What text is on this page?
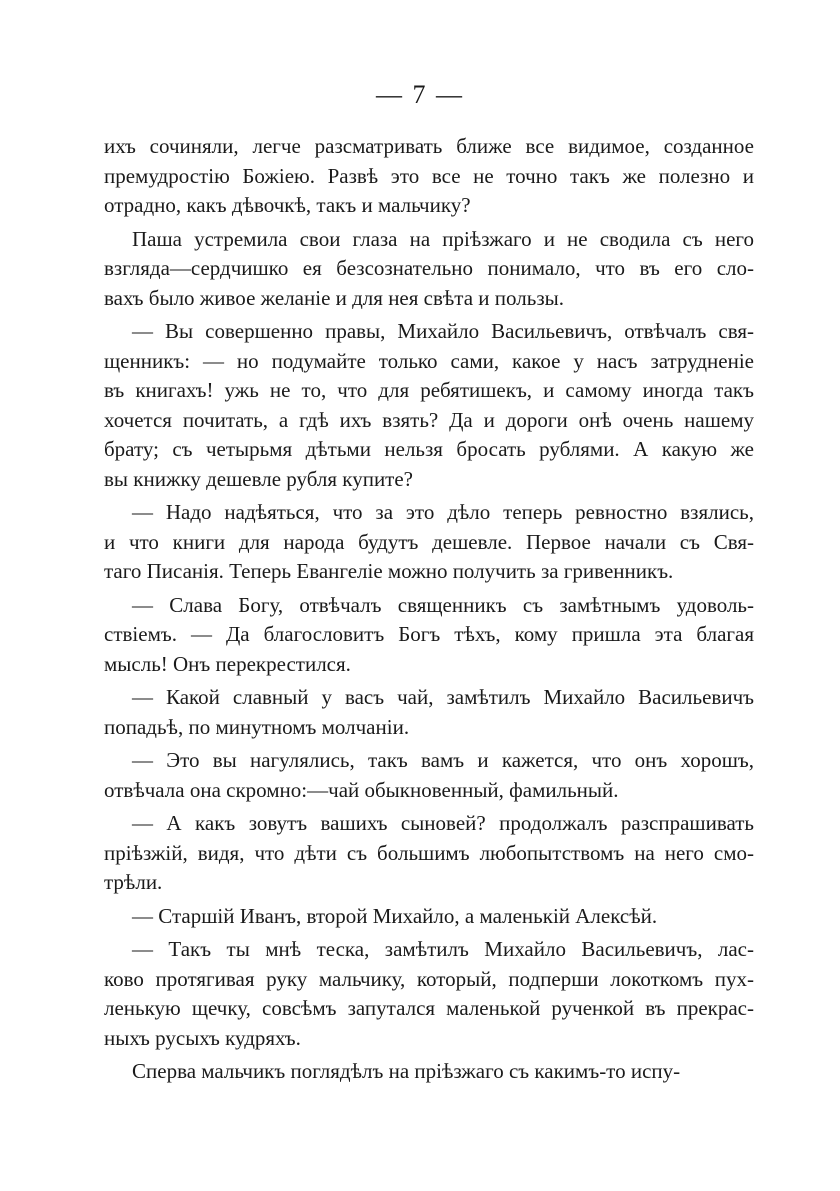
— 7 —
ихъ сочиняли, легче разсматривать ближе все видимое, созданное
премудростію Божіею. Развѣ это все не точно такъ же полезно и
отрадно, какъ дѣвочкѣ, такъ и мальчику?
Паша устремила свои глаза на пріѣзжаго и не сводила съ него
взгляда—сердчишко ея безсознательно понимало, что въ его сло-
вахъ было живое желаніе и для нея свѣта и пользы.
— Вы совершенно правы, Михайло Васильевичъ, отвѣчалъ свя-
щенникъ: — но подумайте только сами, какое у насъ затрудненіе
въ книгахъ! ужь не то, что для ребятишекъ, и самому иногда такъ
хочется почитать, а гдѣ ихъ взять? Да и дороги онѣ очень нашему
брату; съ четырьмя дѣтьми нельзя бросать рублями. А какую же
вы книжку дешевле рубля купите?
— Надо надѣяться, что за это дѣло теперь ревностно взялись,
и что книги для народа будутъ дешевле. Первое начали съ Свя-
таго Писанія. Теперь Евангеліе можно получить за гривенникъ.
— Слава Богу, отвѣчалъ священникъ съ замѣтнымъ удоволь-
ствіемъ. — Да благословитъ Богъ тѣхъ, кому пришла эта благая
мысль! Онъ перекрестился.
— Какой славный у васъ чай, замѣтилъ Михайло Васильевичъ
попадьѣ, по минутномъ молчаніи.
— Это вы нагулялись, такъ вамъ и кажется, что онъ хорошъ,
отвѣчала она скромно:—чай обыкновенный, фамильный.
— А какъ зовутъ вашихъ сыновей? продолжалъ разспрашивать
пріѣзжій, видя, что дѣти съ большимъ любопытствомъ на него смо-
трѣли.
— Старшій Иванъ, второй Михайло, а маленькій Алексѣй.
— Такъ ты мнѣ теска, замѣтилъ Михайло Васильевичъ, лас-
ково протягивая руку мальчику, который, подперши локоткомъ пух-
ленькую щечку, совсѣмъ запутался маленькой рученкой въ прекрас-
ныхъ русыхъ кудряхъ.
Сперва мальчикъ поглядѣлъ на пріѣзжаго съ какимъ-то испу-
